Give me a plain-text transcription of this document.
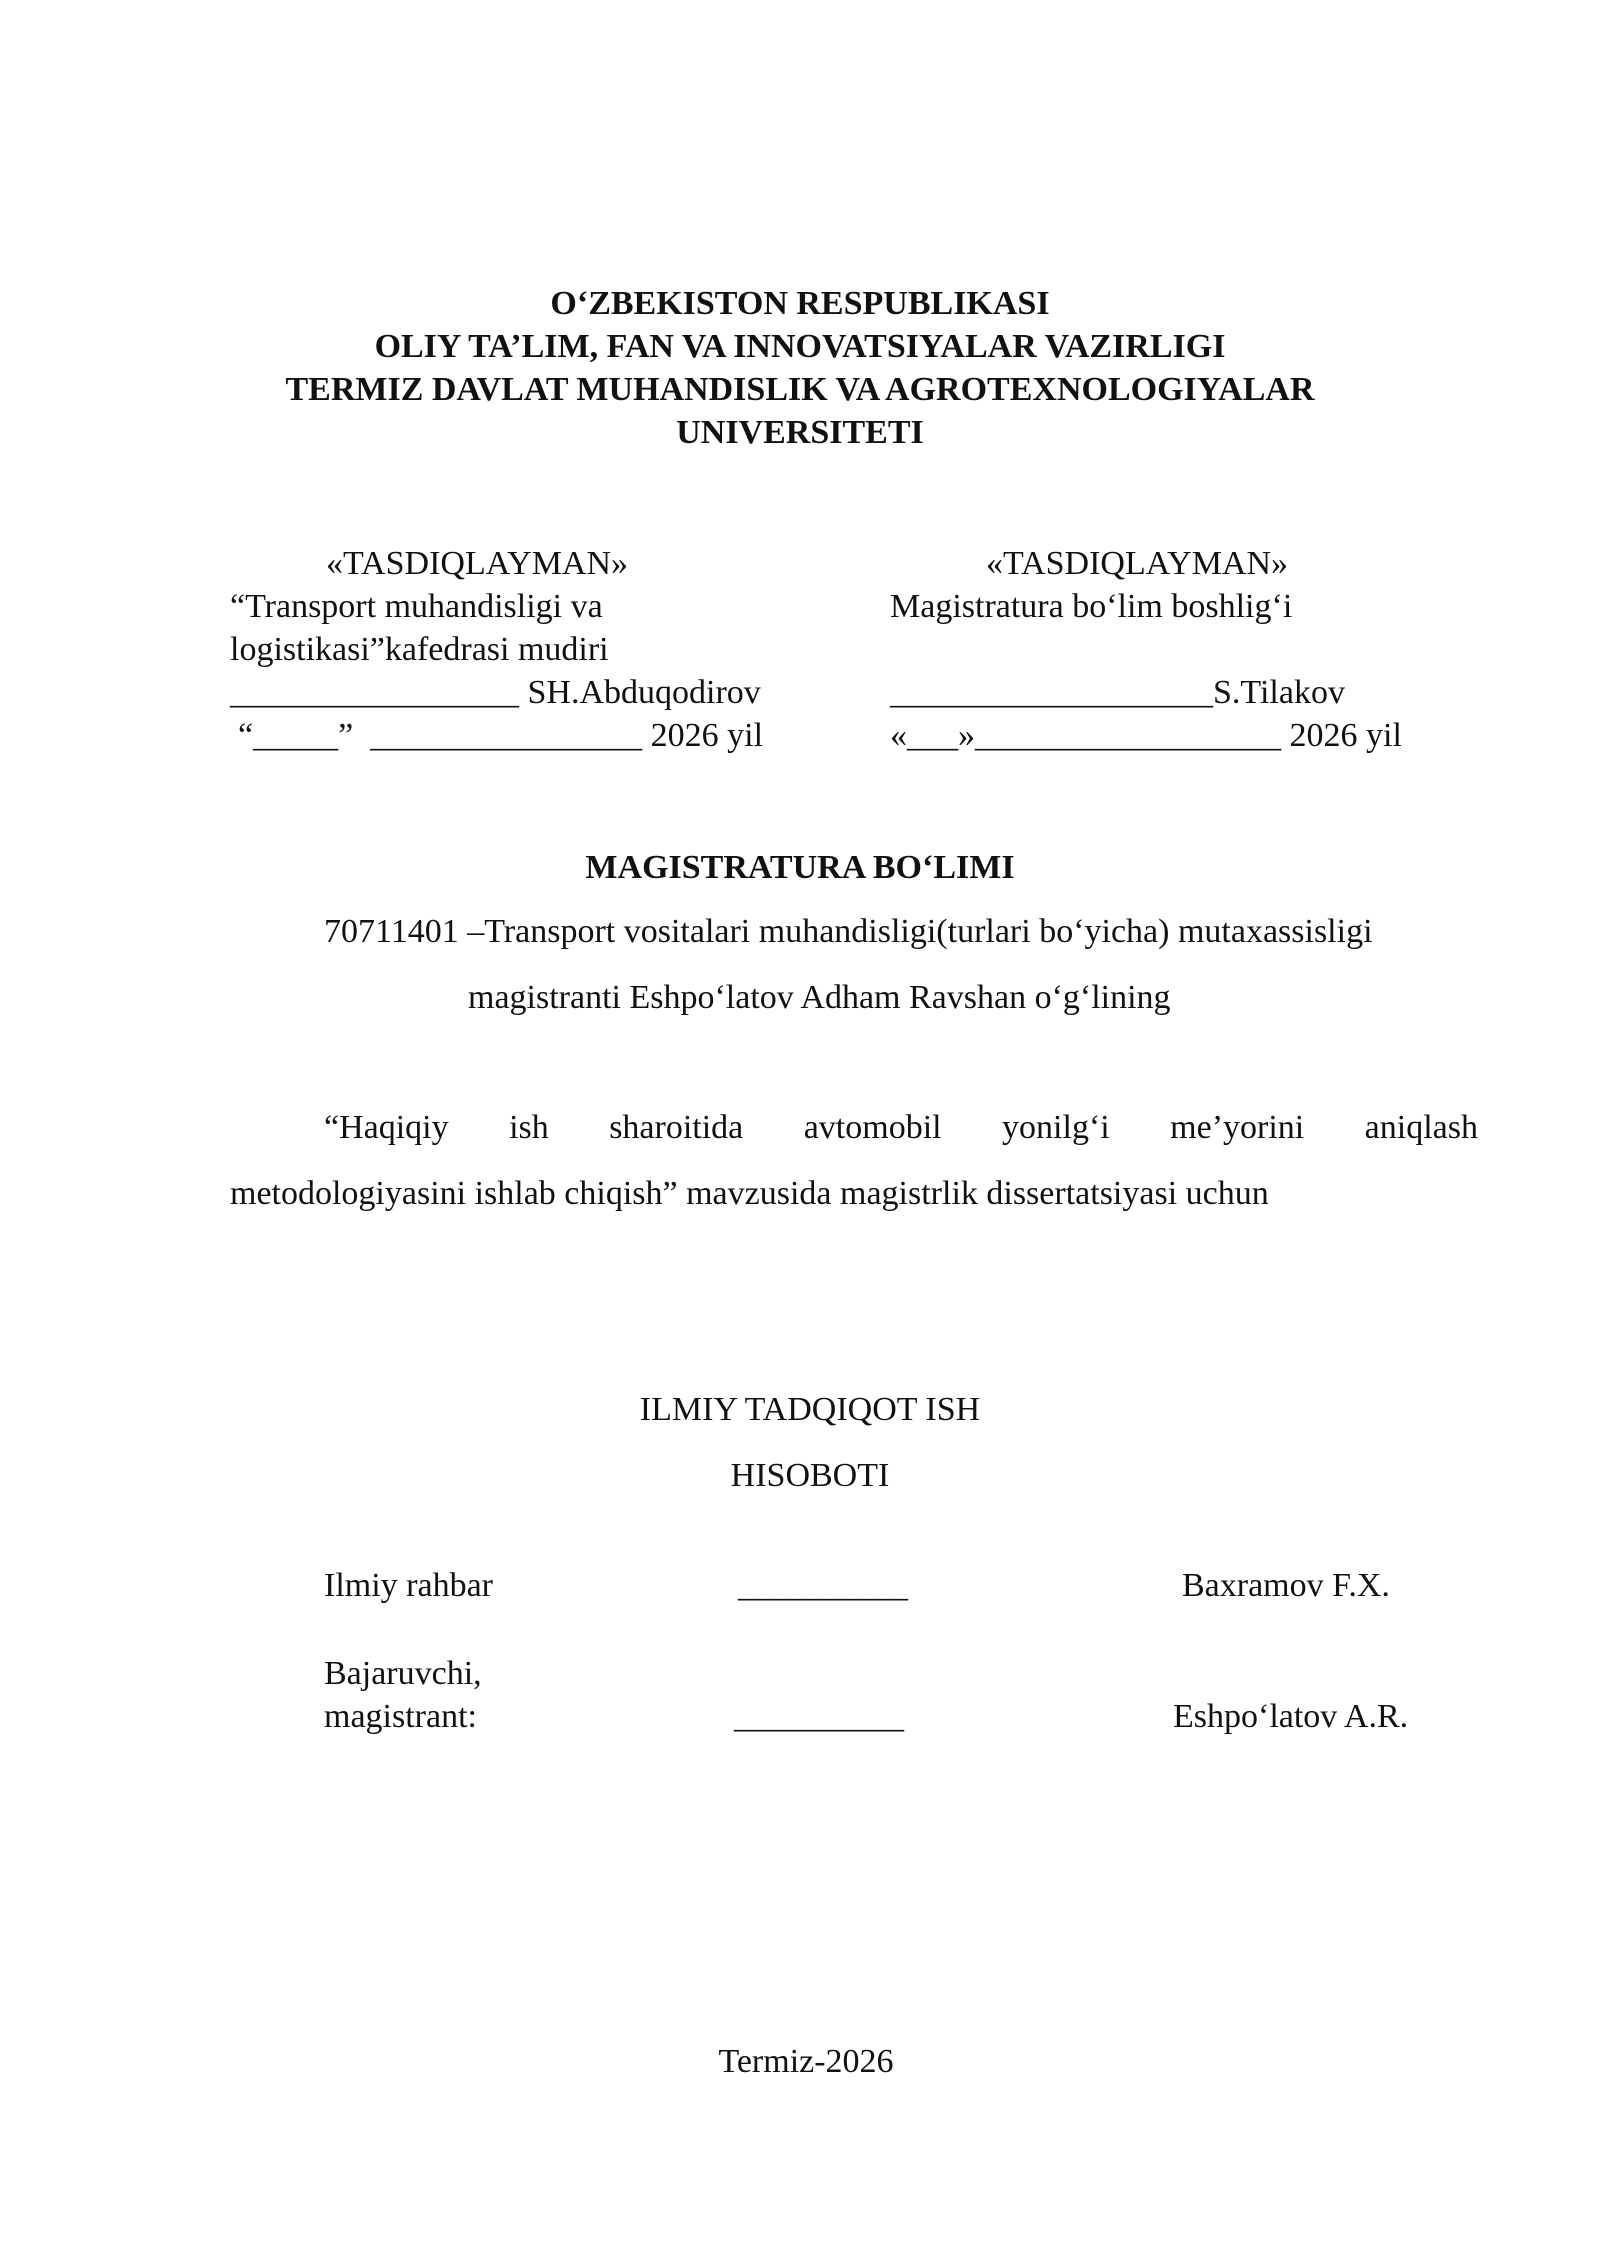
O‘ZBEKISTON RESPUBLIKASI
OLIY TA’LIM, FAN VA INNOVATSIYALAR VAZIRLIGI
TERMIZ DAVLAT MUHANDISLIK VA AGROTEXNOLOGIYALAR
UNIVERSITETI
«TASDIQLAYMAN»
“Transport muhandisligi va
logistikasi”kafedrasi mudiri
_________________ SH.Abduqodirov
“_____”  ________________ 2026 yil
«TASDIQLAYMAN»
Magistratura bo‘lim boshlig‘i
___________________S.Tilakov
«___»__________________ 2026 yil
MAGISTRATURA BO‘LIMI
70711401 –Transport vositalari muhandisligi(turlari bo‘yicha) mutaxassisligi
magistranti Eshpo‘latov Adham Ravshan o‘g‘lining
“Haqiqiy ish sharoitida avtomobil yonilg‘i me’yorini aniqlash
metodologiyasini ishlab chiqish” mavzusida magistrlik dissertatsiyasi uchun
ILMIY TADQIQOT ISH
HISOBOTI
Ilmiy rahbar	__________	Baxramov F.X.
Bajaruvchi,
magistrant:	__________	Eshpo‘latov A.R.
Termiz-2026
